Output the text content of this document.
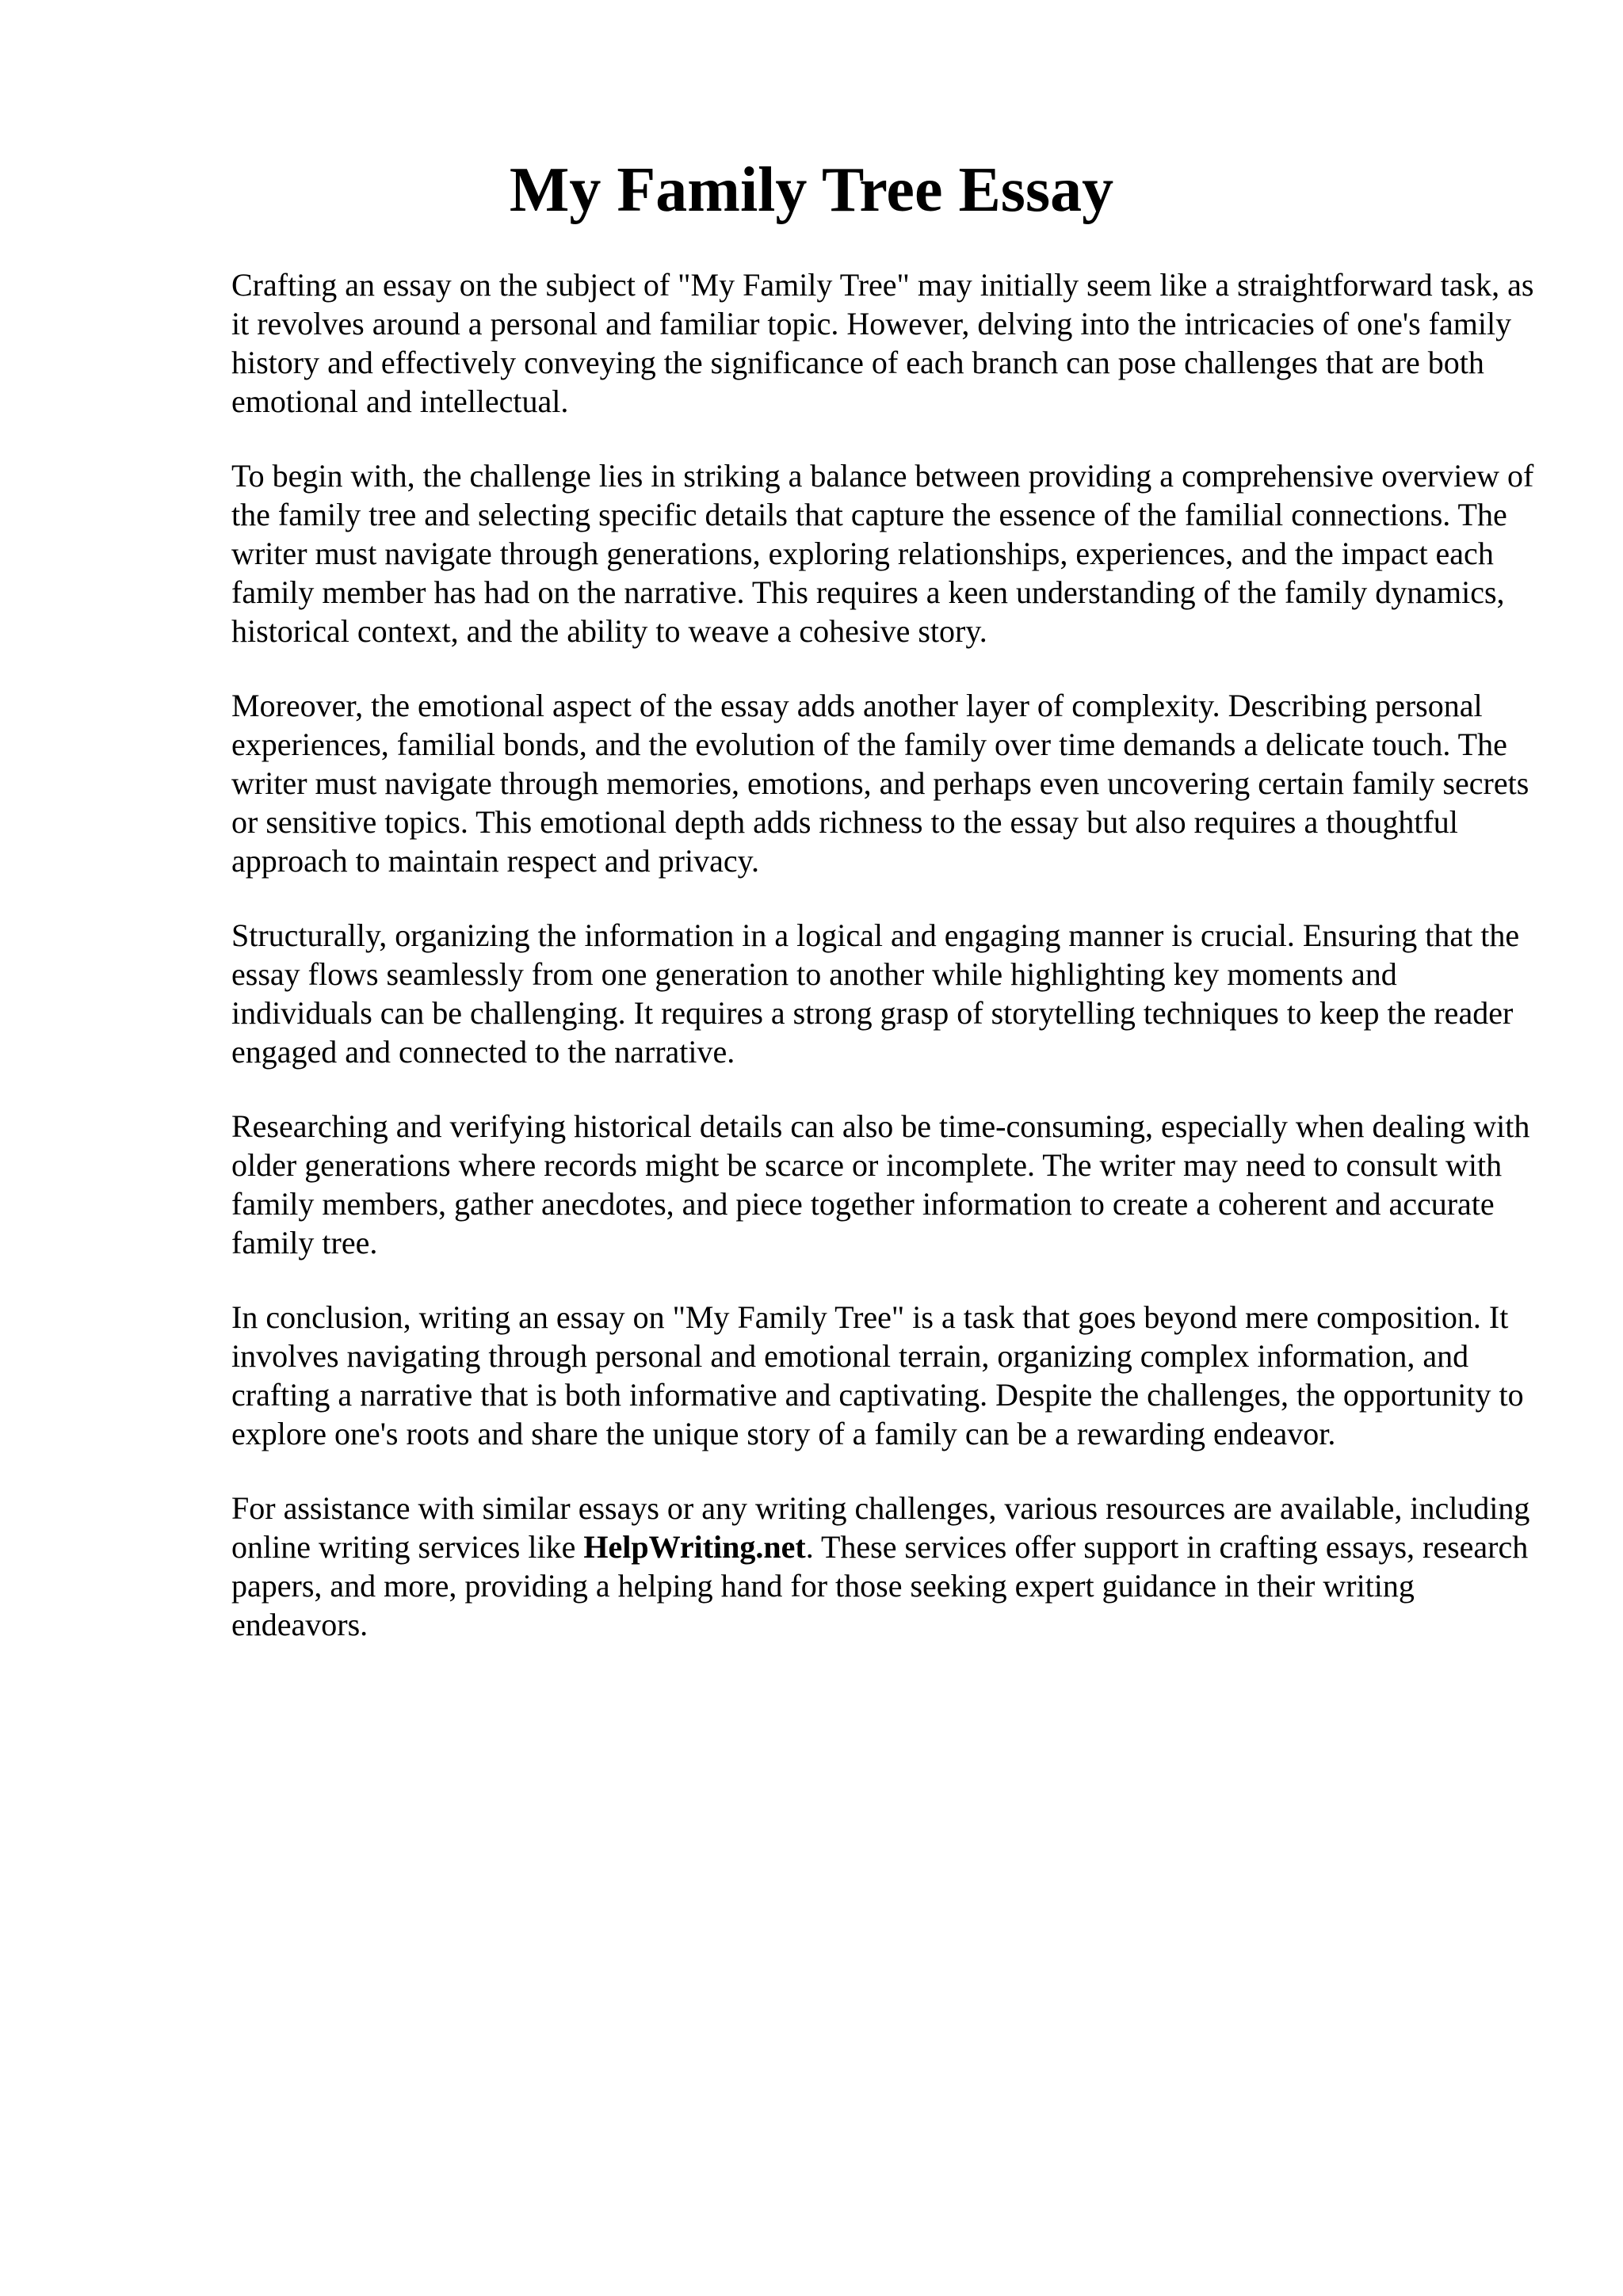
My Family Tree Essay

Crafting an essay on the subject of "My Family Tree" may initially seem like a straightforward task, as it revolves around a personal and familiar topic. However, delving into the intricacies of one's family history and effectively conveying the significance of each branch can pose challenges that are both emotional and intellectual.

To begin with, the challenge lies in striking a balance between providing a comprehensive overview of the family tree and selecting specific details that capture the essence of the familial connections. The writer must navigate through generations, exploring relationships, experiences, and the impact each family member has had on the narrative. This requires a keen understanding of the family dynamics, historical context, and the ability to weave a cohesive story.

Moreover, the emotional aspect of the essay adds another layer of complexity. Describing personal experiences, familial bonds, and the evolution of the family over time demands a delicate touch. The writer must navigate through memories, emotions, and perhaps even uncovering certain family secrets or sensitive topics. This emotional depth adds richness to the essay but also requires a thoughtful approach to maintain respect and privacy.

Structurally, organizing the information in a logical and engaging manner is crucial. Ensuring that the essay flows seamlessly from one generation to another while highlighting key moments and individuals can be challenging. It requires a strong grasp of storytelling techniques to keep the reader engaged and connected to the narrative.

Researching and verifying historical details can also be time-consuming, especially when dealing with older generations where records might be scarce or incomplete. The writer may need to consult with family members, gather anecdotes, and piece together information to create a coherent and accurate family tree.

In conclusion, writing an essay on "My Family Tree" is a task that goes beyond mere composition. It involves navigating through personal and emotional terrain, organizing complex information, and crafting a narrative that is both informative and captivating. Despite the challenges, the opportunity to explore one's roots and share the unique story of a family can be a rewarding endeavor.

For assistance with similar essays or any writing challenges, various resources are available, including online writing services like HelpWriting.net. These services offer support in crafting essays, research papers, and more, providing a helping hand for those seeking expert guidance in their writing endeavors.
